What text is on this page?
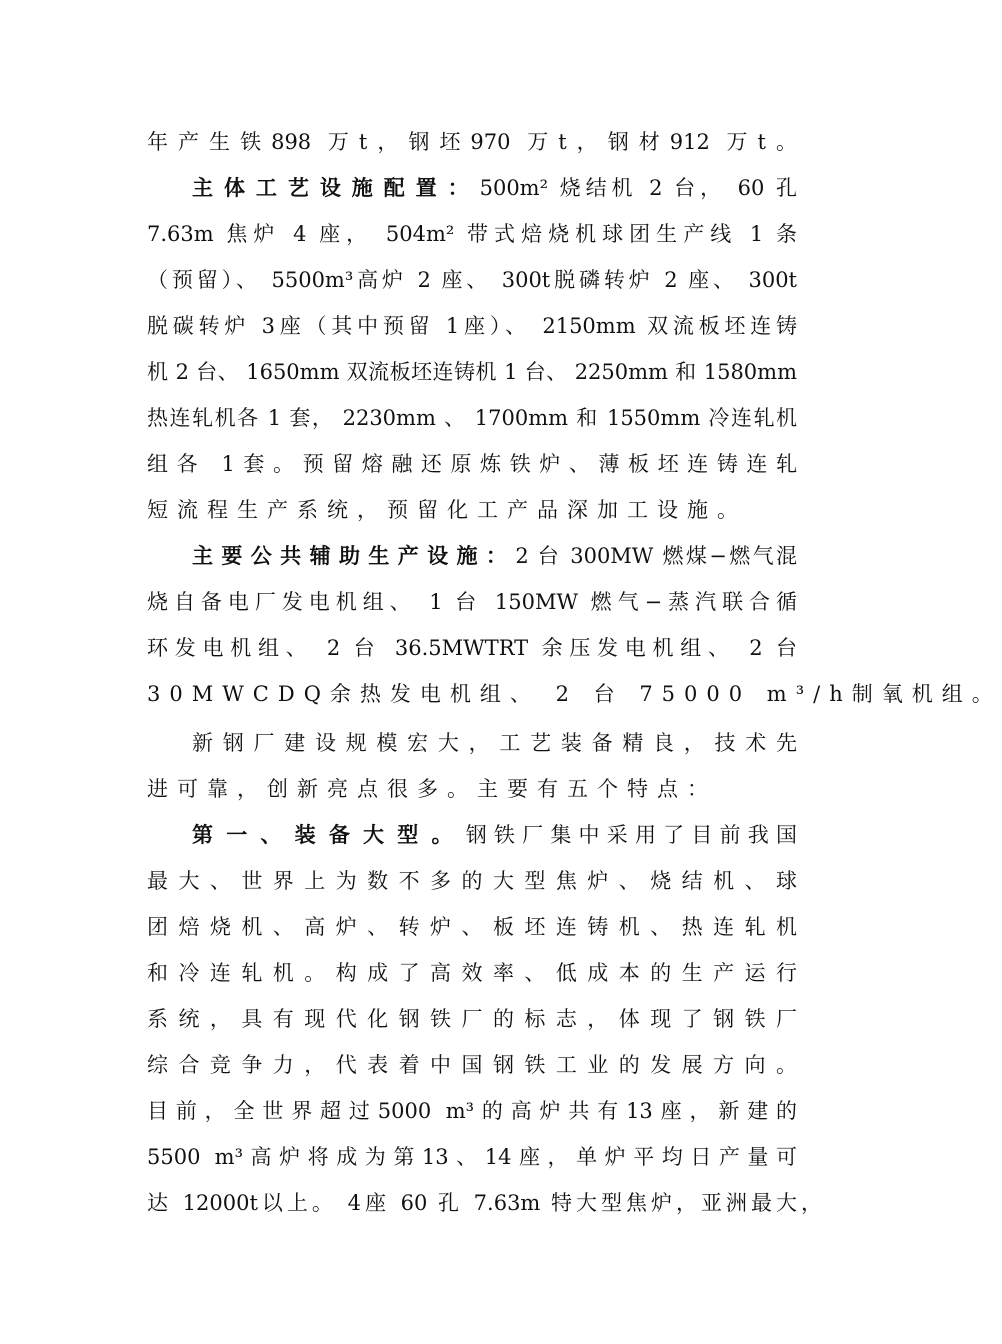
年产生铁898 万t，钢坯970 万t，钢材912 万t。
主体工艺设施配置：500m² 烧结机 2 台， 60 孔
7.63m 焦炉 4 座， 504m² 带式焙烧机球团生产线 1 条
（预留）、 5500m³高炉 2 座、 300t脱磷转炉 2 座、 300t
脱碳转炉 3座（其中预留 1座）、 2150mm 双流板坯连铸
机 2 台、 1650mm 双流板坯连铸机 1 台、 2250mm 和 1580mm
热连轧机各 1 套， 2230mm 、 1700mm 和 1550mm 冷连轧机
组各 1套。预留熔融还原炼铁炉、薄板坯连铸连轧
短流程生产系统，预留化工产品深加工设施。
主要公共辅助生产设施：2 台 300MW 燃煤−燃气混
烧自备电厂发电机组、 1 台 150MW 燃气−蒸汽联合循
环发电机组、 2 台 36.5MWTRT 余压发电机组、 2 台
30MWCDQ余热发电机组、 2 台 75000 m³/h制氧机组。
新钢厂建设规模宏大，工艺装备精良，技术先
进可靠，创新亮点很多。主要有五个特点：
第一、装备大型。钢铁厂集中采用了目前我国
最大、世界上为数不多的大型焦炉、烧结机、球
团焙烧机、高炉、转炉、板坯连铸机、热连轧机
和冷连轧机。构成了高效率、低成本的生产运行
系统，具有现代化钢铁厂的标志，体现了钢铁厂
综合竞争力，代表着中国钢铁工业的发展方向。
目前，全世界超过5000 m³的高炉共有13座，新建的
5500 m³高炉将成为第13、14座，单炉平均日产量可
达 12000t以上。 4座 60 孔 7.63m 特大型焦炉，亚洲最大，
